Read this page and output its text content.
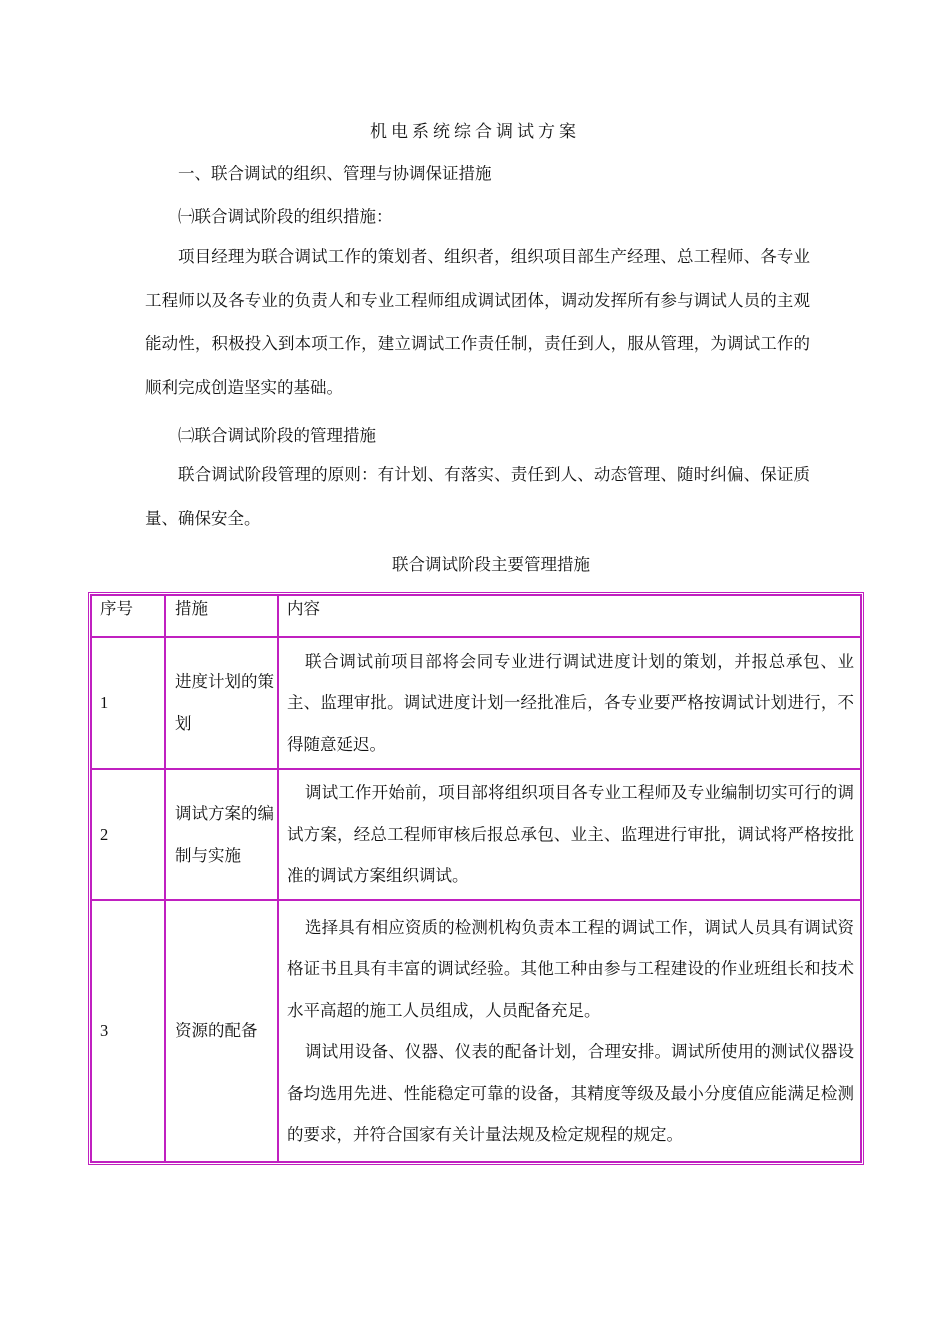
机电系统综合调试方案
一、联合调试的组织、管理与协调保证措施
㈠联合调试阶段的组织措施：

项目经理为联合调试工作的策划者、组织者，组织项目部生产经理、总工程师、各专业工程师以及各专业的负责人和专业工程师组成调试团体，调动发挥所有参与调试人员的主观能动性，积极投入到本项工作，建立调试工作责任制，责任到人，服从管理，为调试工作的顺利完成创造坚实的基础。

㈡联合调试阶段的管理措施

联合调试阶段管理的原则：有计划、有落实、责任到人、动态管理、随时纠偏、保证质量、确保安全。

联合调试阶段主要管理措施
序号	措施	内容
1	进度计划的策划	联合调试前项目部将会同专业进行调试进度计划的策划，并报总承包、业主、监理审批。调试进度计划一经批准后，各专业要严格按调试计划进行，不得随意延迟。

2	调试方案的编制与实施	调试工作开始前，项目部将组织项目各专业工程师及专业编制切实可行的调试方案，经总工程师审核后报总承包、业主、监理进行审批，调试将严格按批准的调试方案组织调试。

3	资源的配备	选择具有相应资质的检测机构负责本工程的调试工作，调试人员具有调试资格证书且具有丰富的调试经验。其他工种由参与工程建设的作业班组长和技术水平高超的施工人员组成，人员配备充足。

调试用设备、仪器、仪表的配备计划，合理安排。调试所使用的测试仪器设备均选用先进、性能稳定可靠的设备，其精度等级及最小分度值应能满足检测的要求，并符合国家有关计量法规及检定规程的规定。
